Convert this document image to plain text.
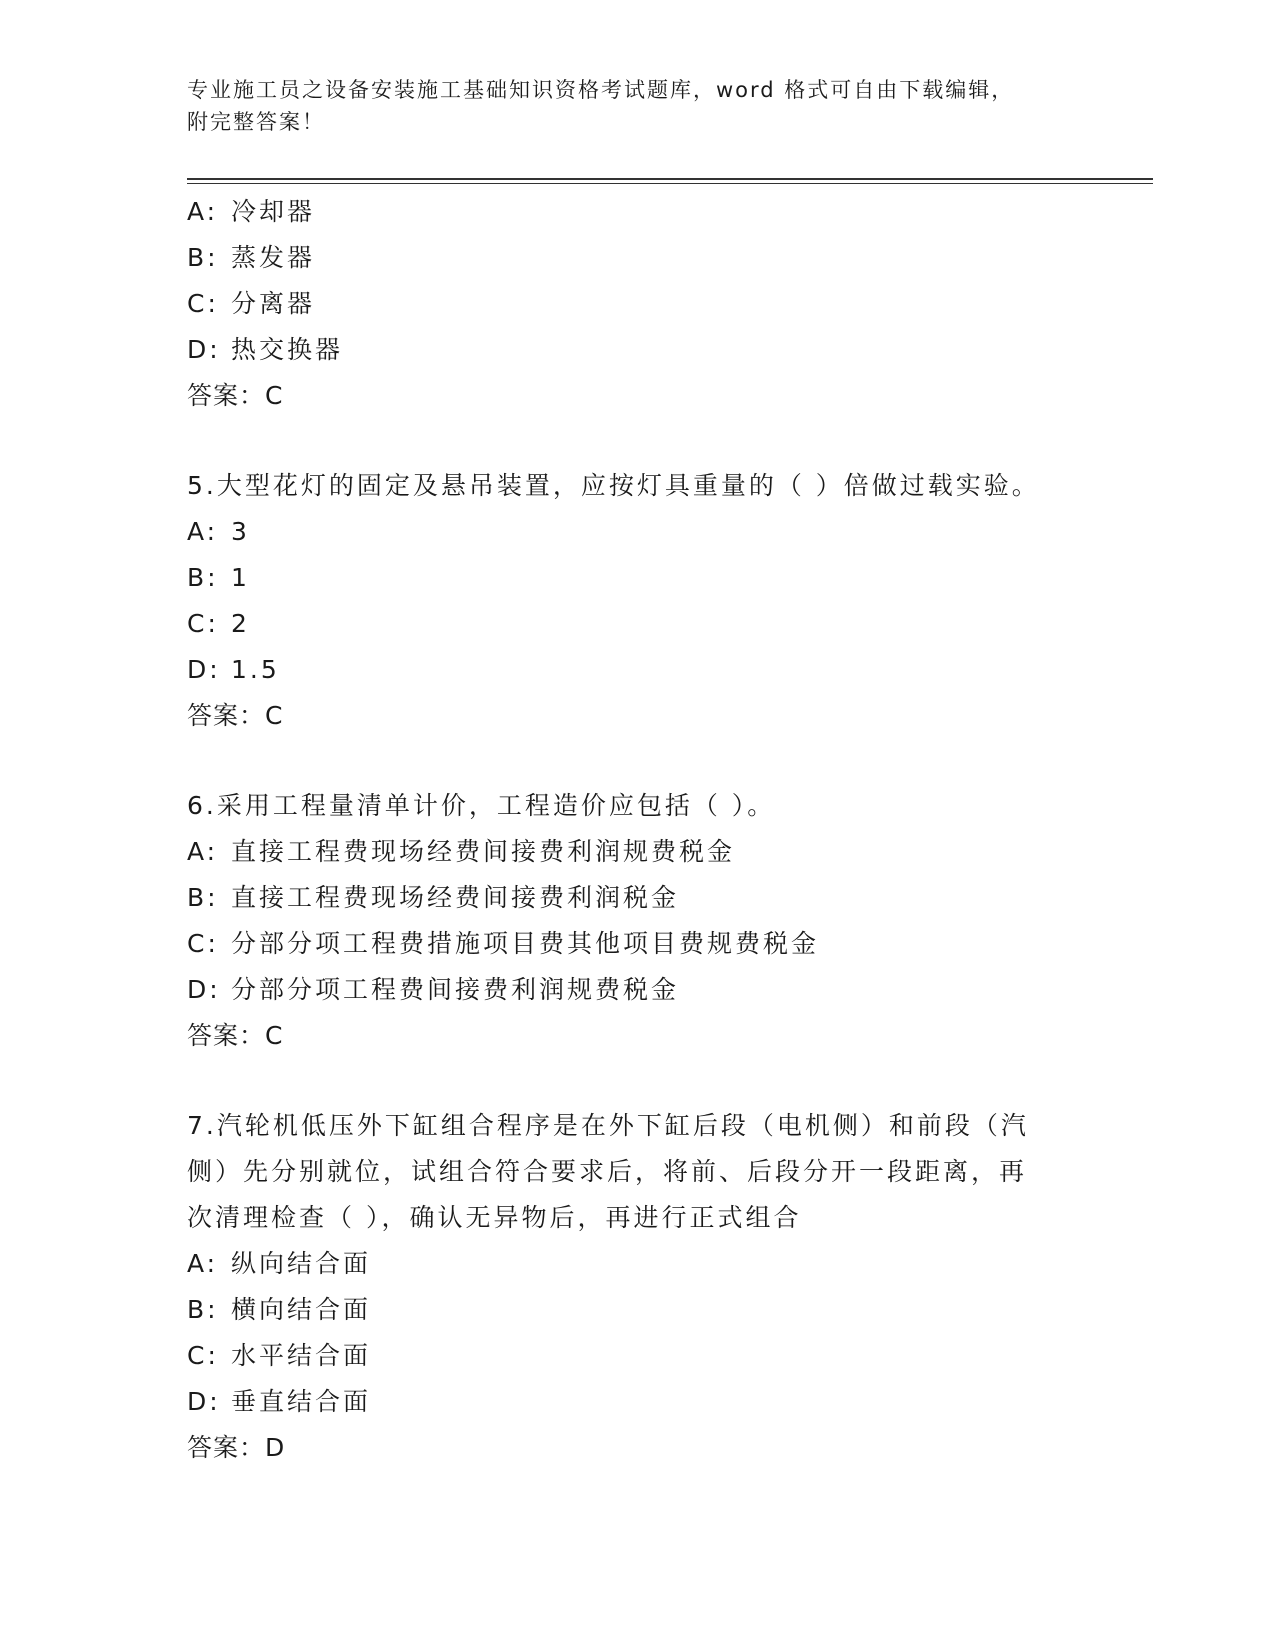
专业施工员之设备安装施工基础知识资格考试题库，word 格式可自由下载编辑，
附完整答案！
A: 冷却器
B: 蒸发器
C: 分离器
D: 热交换器
答案：C
5.大型花灯的固定及悬吊装置，应按灯具重量的（ ）倍做过载实验。
A: 3
B: 1
C: 2
D: 1.5
答案：C
6.采用工程量清单计价，工程造价应包括（ ）。
A: 直接工程费现场经费间接费利润规费税金
B: 直接工程费现场经费间接费利润税金
C: 分部分项工程费措施项目费其他项目费规费税金
D: 分部分项工程费间接费利润规费税金
答案：C
7.汽轮机低压外下缸组合程序是在外下缸后段（电机侧）和前段（汽
侧）先分别就位，试组合符合要求后，将前、后段分开一段距离，再
次清理检查（ ），确认无异物后，再进行正式组合
A: 纵向结合面
B: 横向结合面
C: 水平结合面
D: 垂直结合面
答案：D
